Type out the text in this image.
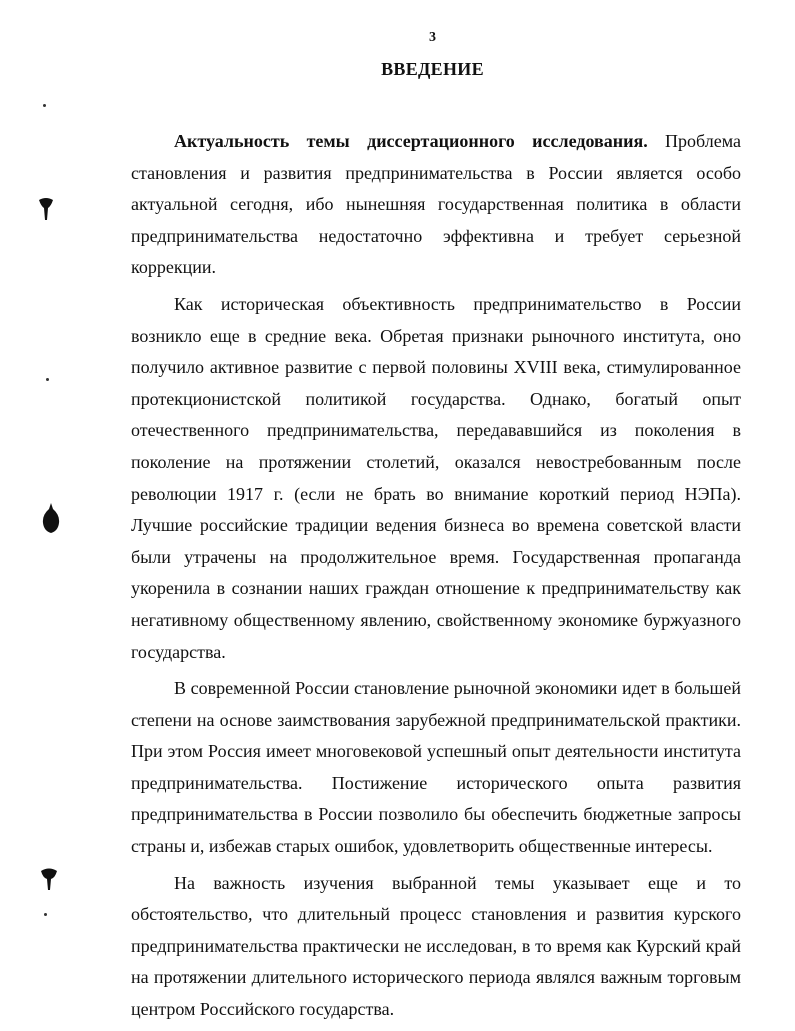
3
ВВЕДЕНИЕ

Актуальность темы диссертационного исследования. Проблема становления и развития предпринимательства в России является особо актуальной сегодня, ибо нынешняя государственная политика в области предпринимательства недостаточно эффективна и требует серьезной коррекции.

Как историческая объективность предпринимательство в России возникло еще в средние века. Обретая признаки рыночного института, оно получило активное развитие с первой половины XVIII века, стимулированное протекционистской политикой государства. Однако, богатый опыт отечественного предпринимательства, передававшийся из поколения в поколение на протяжении столетий, оказался невостребованным после революции 1917 г. (если не брать во внимание короткий период НЭПа). Лучшие российские традиции ведения бизнеса во времена советской власти были утрачены на продолжительное время. Государственная пропаганда укоренила в сознании наших граждан отношение к предпринимательству как негативному общественному явлению, свойственному экономике буржуазного государства.

В современной России становление рыночной экономики идет в большей степени на основе заимствования зарубежной предпринимательской практики. При этом Россия имеет многовековой успешный опыт деятельности института предпринимательства. Постижение исторического опыта развития предпринимательства в России позволило бы обеспечить бюджетные запросы страны и, избежав старых ошибок, удовлетворить общественные интересы.

На важность изучения выбранной темы указывает еще и то обстоятельство, что длительный процесс становления и развития курского предпринимательства практически не исследован, в то время как Курский край на протяжении длительного исторического периода являлся важным торговым центром Российского государства.
